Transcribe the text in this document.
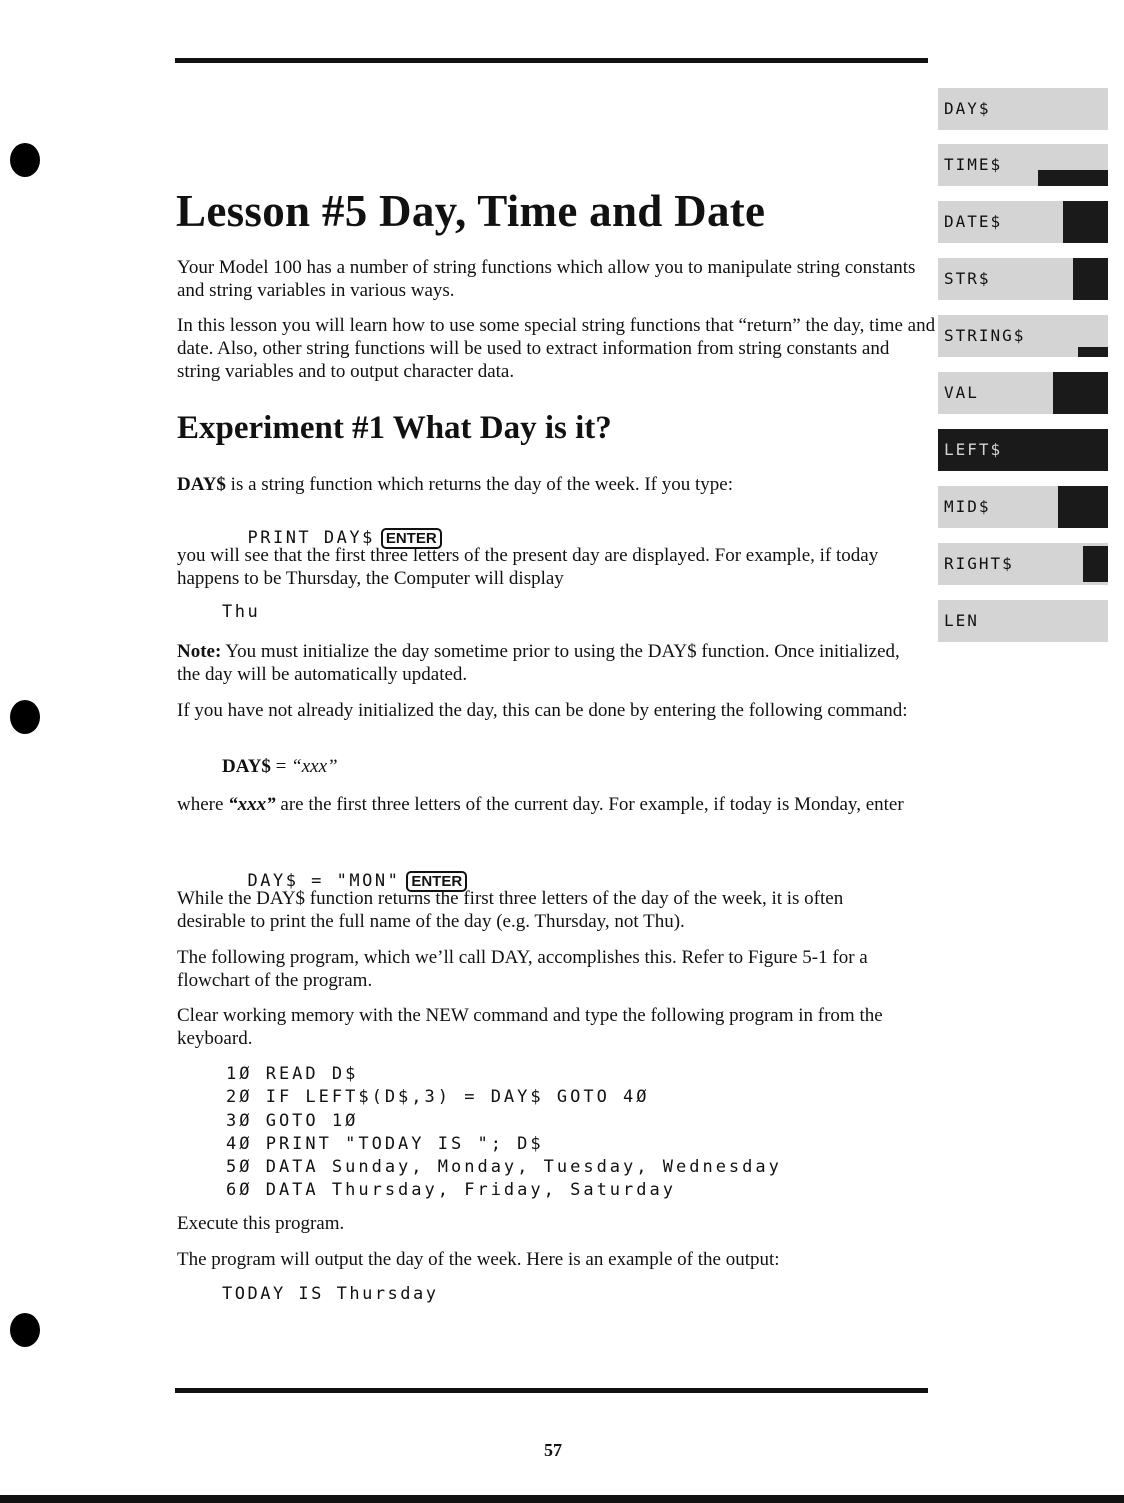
Lesson #5 Day, Time and Date

Your Model 100 has a number of string functions which allow you to manipulate string constants and string variables in various ways.

In this lesson you will learn how to use some special string functions that “return” the day, time and date. Also, other string functions will be used to extract information from string constants and string variables and to output character data.

Experiment #1 What Day is it?

DAY$ is a string function which returns the day of the week. If you type:

PRINT DAY$ ENTER

you will see that the first three letters of the present day are displayed. For example, if today happens to be Thursday, the Computer will display

Thu

Note: You must initialize the day sometime prior to using the DAY$ function. Once initialized, the day will be automatically updated.

If you have not already initialized the day, this can be done by entering the following command:

DAY$ = “xxx”

where “xxx” are the first three letters of the current day. For example, if today is Monday, enter

DAY$ = "MON" ENTER

While the DAY$ function returns the first three letters of the day of the week, it is often desirable to print the full name of the day (e.g. Thursday, not Thu).

The following program, which we’ll call DAY, accomplishes this. Refer to Figure 5-1 for a flowchart of the program.

Clear working memory with the NEW command and type the following program in from the keyboard.

1Ø READ D$
2Ø IF LEFT$(D$,3) = DAY$ GOTO 4Ø
3Ø GOTO 1Ø
4Ø PRINT "TODAY IS "; D$
5Ø DATA Sunday, Monday, Tuesday, Wednesday
6Ø DATA Thursday, Friday, Saturday

Execute this program.

The program will output the day of the week. Here is an example of the output:

TODAY IS Thursday
57
DAY$
TIME$
DATE$
STR$
STRING$
VAL
LEFT$
MID$
RIGHT$
LEN
